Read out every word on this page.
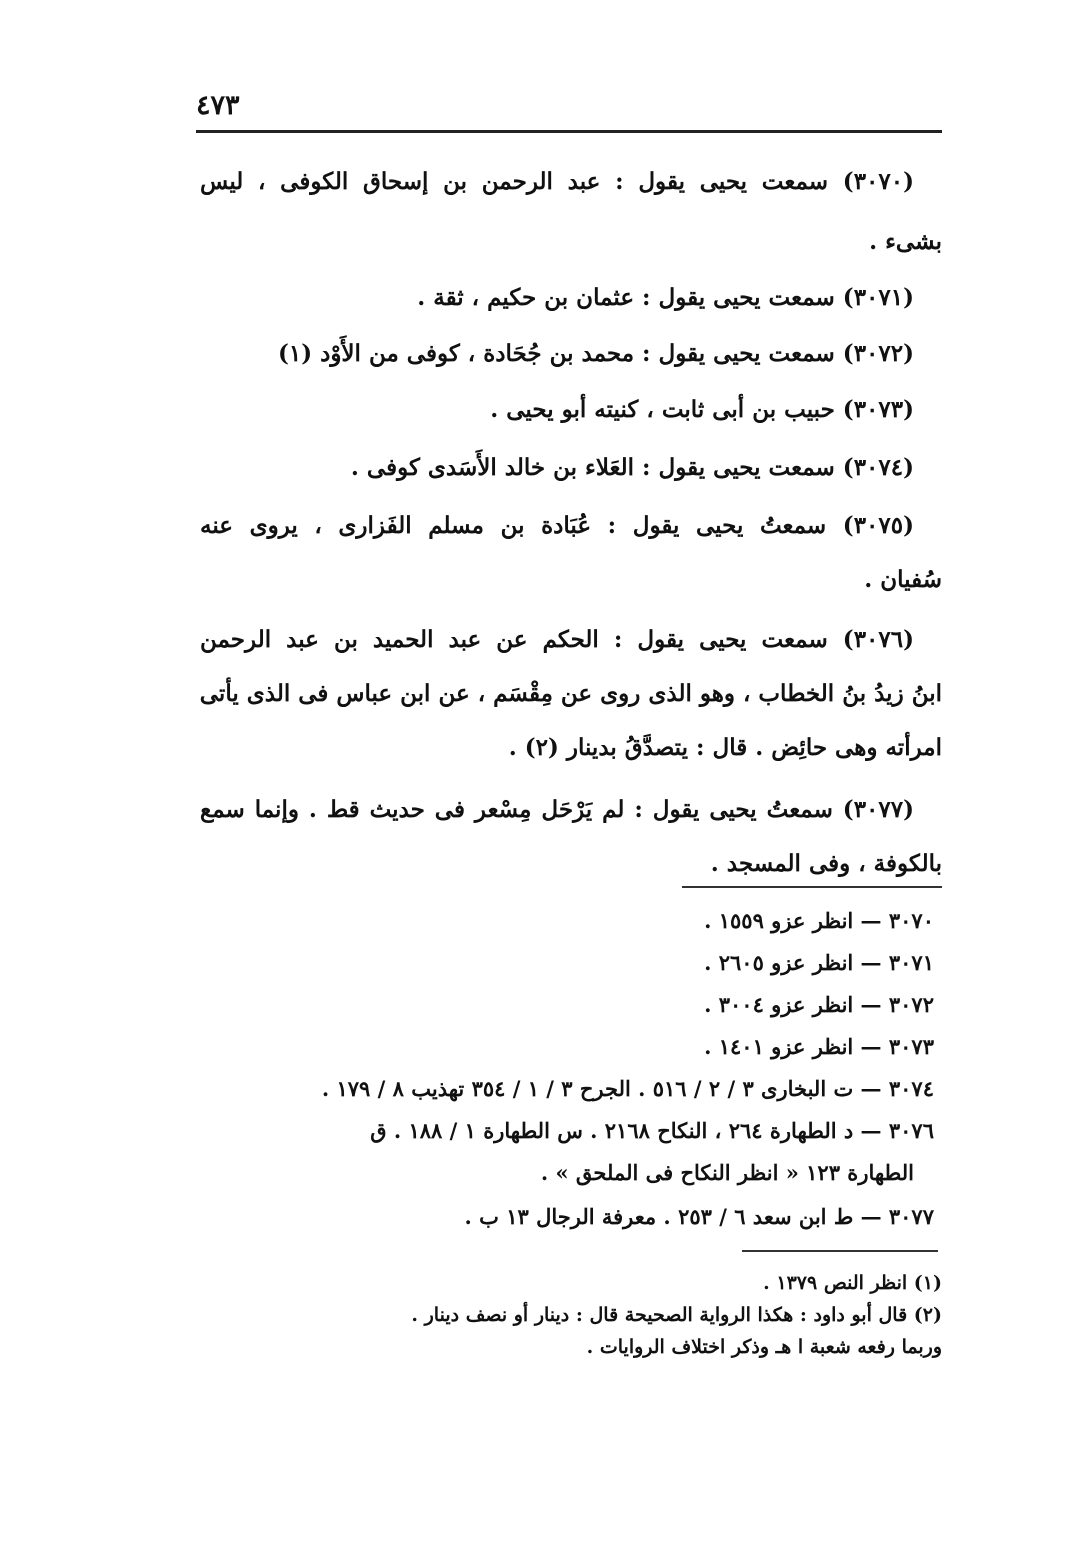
٤٧٣
(٣٠٧٠) سمعت يحيى يقول : عبد الرحمن بن إسحاق الكوفى ، ليس
بشىء .
(٣٠٧١) سمعت يحيى يقول : عثمان بن حكيم ، ثقة .
(٣٠٧٢) سمعت يحيى يقول : محمد بن جُحَادة ، كوفى من الأَوْد (١)
(٣٠٧٣) حبيب بن أبى ثابت ، كنيته أبو يحيى .
(٣٠٧٤) سمعت يحيى يقول : العَلاء بن خالد الأَسَدى كوفى .
(٣٠٧٥) سمعتُ يحيى يقول : عُبَادة بن مسلم الفَزارى ، يروى عنه
سُفيان .
(٣٠٧٦) سمعت يحيى يقول : الحكم عن عبد الحميد بن عبد الرحمن
ابنُ زيدُ بنُ الخطاب ، وهو الذى روى عن مِقْسَم ، عن ابن عباس فى الذى يأتى
امرأته وهى حائِض . قال : يتصدَّقُ بدينار (٢) .
(٣٠٧٧) سمعتُ يحيى يقول : لم يَرْحَل مِسْعر فى حديث قط . وإنما سمع
بالكوفة ، وفى المسجد .
٣٠٧٠ — انظر عزو ١٥٥٩ .
٣٠٧١ — انظر عزو ٢٦٠٥ .
٣٠٧٢ — انظر عزو ٣٠٠٤ .
٣٠٧٣ — انظر عزو ١٤٠١ .
٣٠٧٤ — ت البخارى ٣ / ٢ / ٥١٦ . الجرح ٣ / ١ / ٣٥٤ تهذيب ٨ / ١٧٩ .
٣٠٧٦ — د الطهارة ٢٦٤ ، النكاح ٢١٦٨ . س الطهارة ١ / ١٨٨ . ق
الطهارة ١٢٣ « انظر النكاح فى الملحق » .
٣٠٧٧ — ط ابن سعد ٦ / ٢٥٣ . معرفة الرجال ١٣ ب .
(١) انظر النص ١٣٧٩ .
(٢) قال أبو داود : هكذا الرواية الصحيحة قال : دينار أو نصف دينار .
وربما رفعه شعبة ا هـ وذكر اختلاف الروايات .
